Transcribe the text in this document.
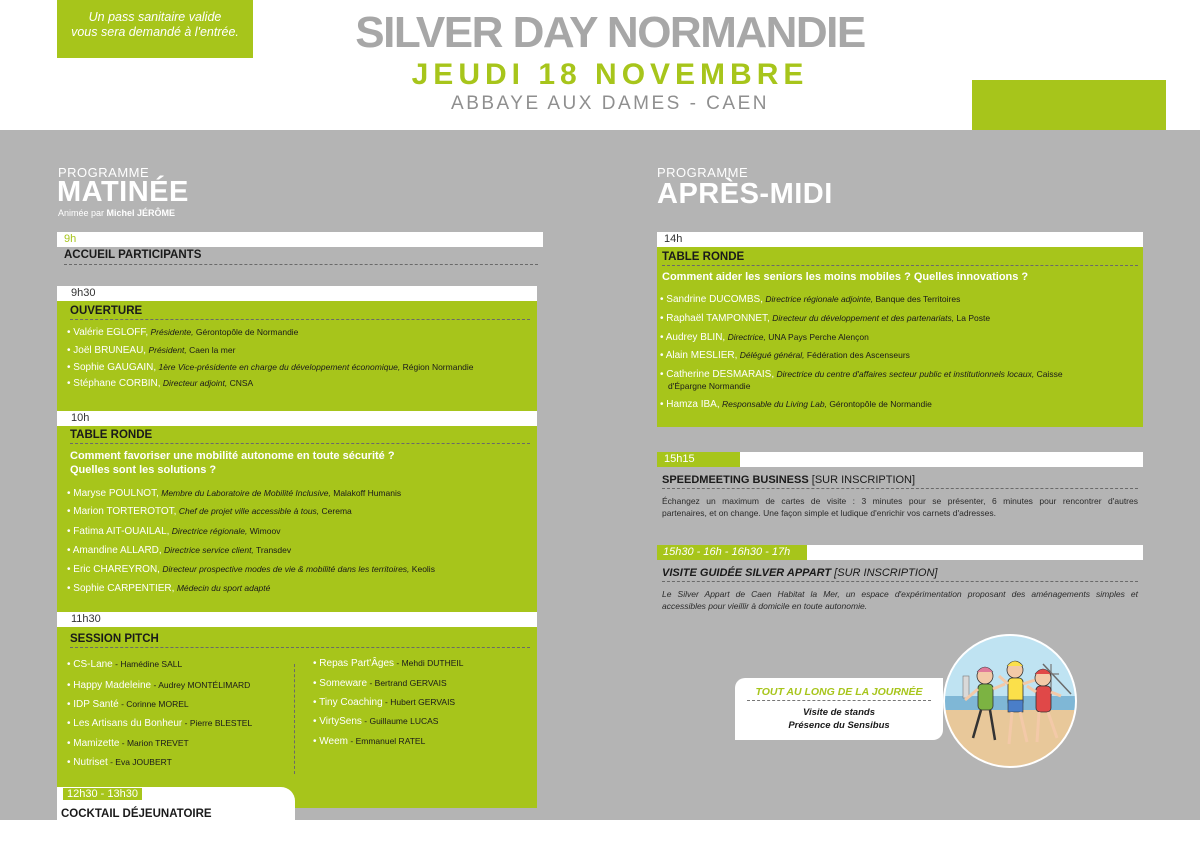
Un pass sanitaire valide
vous sera demandé à l'entrée.	SILVER DAY NORMANDIE
JEUDI 18 NOVEMBRE
ABBAYE AUX DAMES - CAEN
PROGRAMME
MATINÉE
Animée par Michel JÉRÔME
9h
ACCUEIL PARTICIPANTS
9h30
OUVERTURE
• Valérie EGLOFF, Présidente, Gérontopôle de Normandie
• Joël BRUNEAU, Président, Caen la mer
• Sophie GAUGAIN, 1ère Vice-présidente en charge du développement économique, Région Normandie
• Stéphane CORBIN, Directeur adjoint, CNSA
10h
TABLE RONDE
Comment favoriser une mobilité autonome en toute sécurité ?
Quelles sont les solutions ?
• Maryse POULNOT, Membre du Laboratoire de Mobilité Inclusive, Malakoff Humanis
• Marion TORTEROTOT, Chef de projet ville accessible à tous, Cerema
• Fatima AIT-OUAILAL, Directrice régionale, Wimoov
• Amandine ALLARD, Directrice service client, Transdev
• Eric CHAREYRON, Directeur prospective modes de vie & mobilité dans les territoires, Keolis
• Sophie CARPENTIER, Médecin du sport adapté
11h30
SESSION PITCH
• CS-Lane - Hamédine SALL
• Happy Madeleine - Audrey MONTÉLIMARD
• IDP Santé - Corinne MOREL
• Les Artisans du Bonheur - Pierre BLESTEL
• Mamizette - Marion TREVET
• Nutriset - Eva JOUBERT
• Repas Part'Âges - Mehdi DUTHEIL
• Someware - Bertrand GERVAIS
• Tiny Coaching - Hubert GERVAIS
• VirtySens - Guillaume LUCAS
• Weem - Emmanuel RATEL
12h30 - 13h30
COCKTAIL DÉJEUNATOIRE
PROGRAMME
APRÈS-MIDI
14h
TABLE RONDE
Comment aider les seniors les moins mobiles ? Quelles innovations ?
• Sandrine DUCOMBS, Directrice régionale adjointe, Banque des Territoires
• Raphaël TAMPONNET, Directeur du développement et des partenariats, La Poste
• Audrey BLIN, Directrice, UNA Pays Perche Alençon
• Alain MESLIER, Délégué général, Fédération des Ascenseurs
• Catherine DESMARAIS, Directrice du centre d'affaires secteur public et institutionnels locaux, Caisse
d'Épargne Normandie
• Hamza IBA, Responsable du Living Lab, Gérontopôle de Normandie
15h15
SPEEDMEETING BUSINESS [SUR INSCRIPTION]
Échangez un maximum de cartes de visite : 3 minutes pour se présenter, 6 minutes pour rencontrer d'autres
partenaires, et on change. Une façon simple et ludique d'enrichir vos carnets d'adresses.
15h30 - 16h - 16h30 - 17h
VISITE GUIDÉE SILVER APPART [SUR INSCRIPTION]
Le Silver Appart de Caen Habitat la Mer, un espace d'expérimentation proposant des aménagements simples et
accessibles pour vieillir à domicile en toute autonomie.
TOUT AU LONG DE LA JOURNÉE
Visite de stands
Présence du Sensibus
